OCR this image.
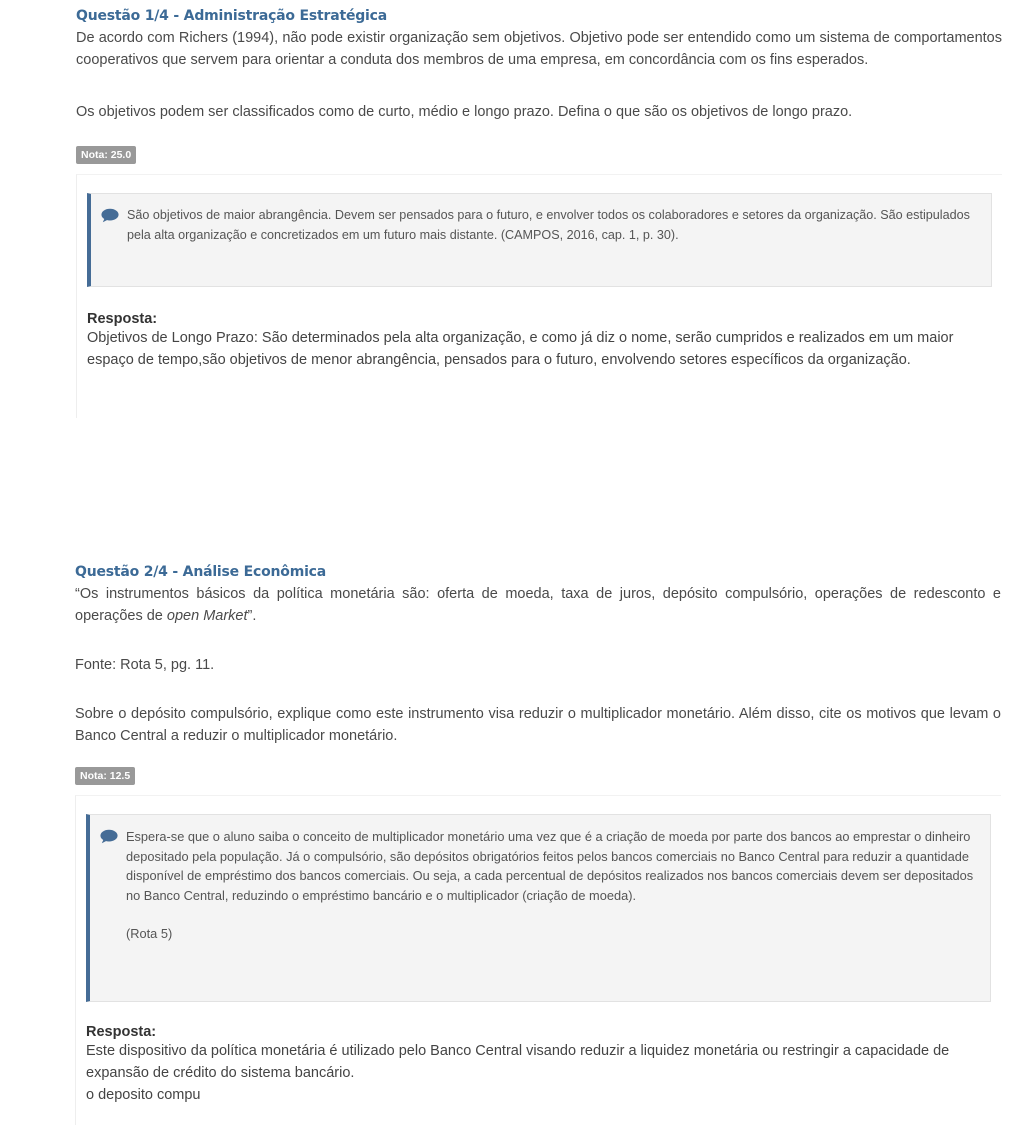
Questão 1/4 - Administração Estratégica

De acordo com Richers (1994), não pode existir organização sem objetivos. Objetivo pode ser entendido como um sistema de comportamentos cooperativos que servem para orientar a conduta dos membros de uma empresa, em concordância com os fins esperados.

Os objetivos podem ser classificados como de curto, médio e longo prazo. Defina o que são os objetivos de longo prazo.

Nota: 25.0
São objetivos de maior abrangência. Devem ser pensados para o futuro, e envolver todos os colaboradores e setores da organização. São estipulados pela alta organização e concretizados em um futuro mais distante. (CAMPOS, 2016, cap. 1, p. 30).
Resposta:
Objetivos de Longo Prazo: São determinados pela alta organização, e como já diz o nome, serão cumpridos e realizados em um maior espaço de tempo,são objetivos de menor abrangência, pensados para o futuro, envolvendo setores específicos da organização.
Questão 2/4 - Análise Econômica

“Os instrumentos básicos da política monetária são: oferta de moeda, taxa de juros, depósito compulsório, operações de redesconto e operações de open Market”.

Fonte: Rota 5, pg. 11.

Sobre o depósito compulsório, explique como este instrumento visa reduzir o multiplicador monetário. Além disso, cite os motivos que levam o Banco Central a reduzir o multiplicador monetário.

Nota: 12.5
Espera-se que o aluno saiba o conceito de multiplicador monetário uma vez que é a criação de moeda por parte dos bancos ao emprestar o dinheiro depositado pela população. Já o compulsório, são depósitos obrigatórios feitos pelos bancos comerciais no Banco Central para reduzir a quantidade disponível de empréstimo dos bancos comerciais. Ou seja, a cada percentual de depósitos realizados nos bancos comerciais devem ser depositados no Banco Central, reduzindo o empréstimo bancário e o multiplicador (criação de moeda).
(Rota 5)
Resposta:
Este dispositivo da política monetária é utilizado pelo Banco Central visando reduzir a liquidez monetária ou restringir a capacidade de expansão de crédito do sistema bancário.
o deposito compu
